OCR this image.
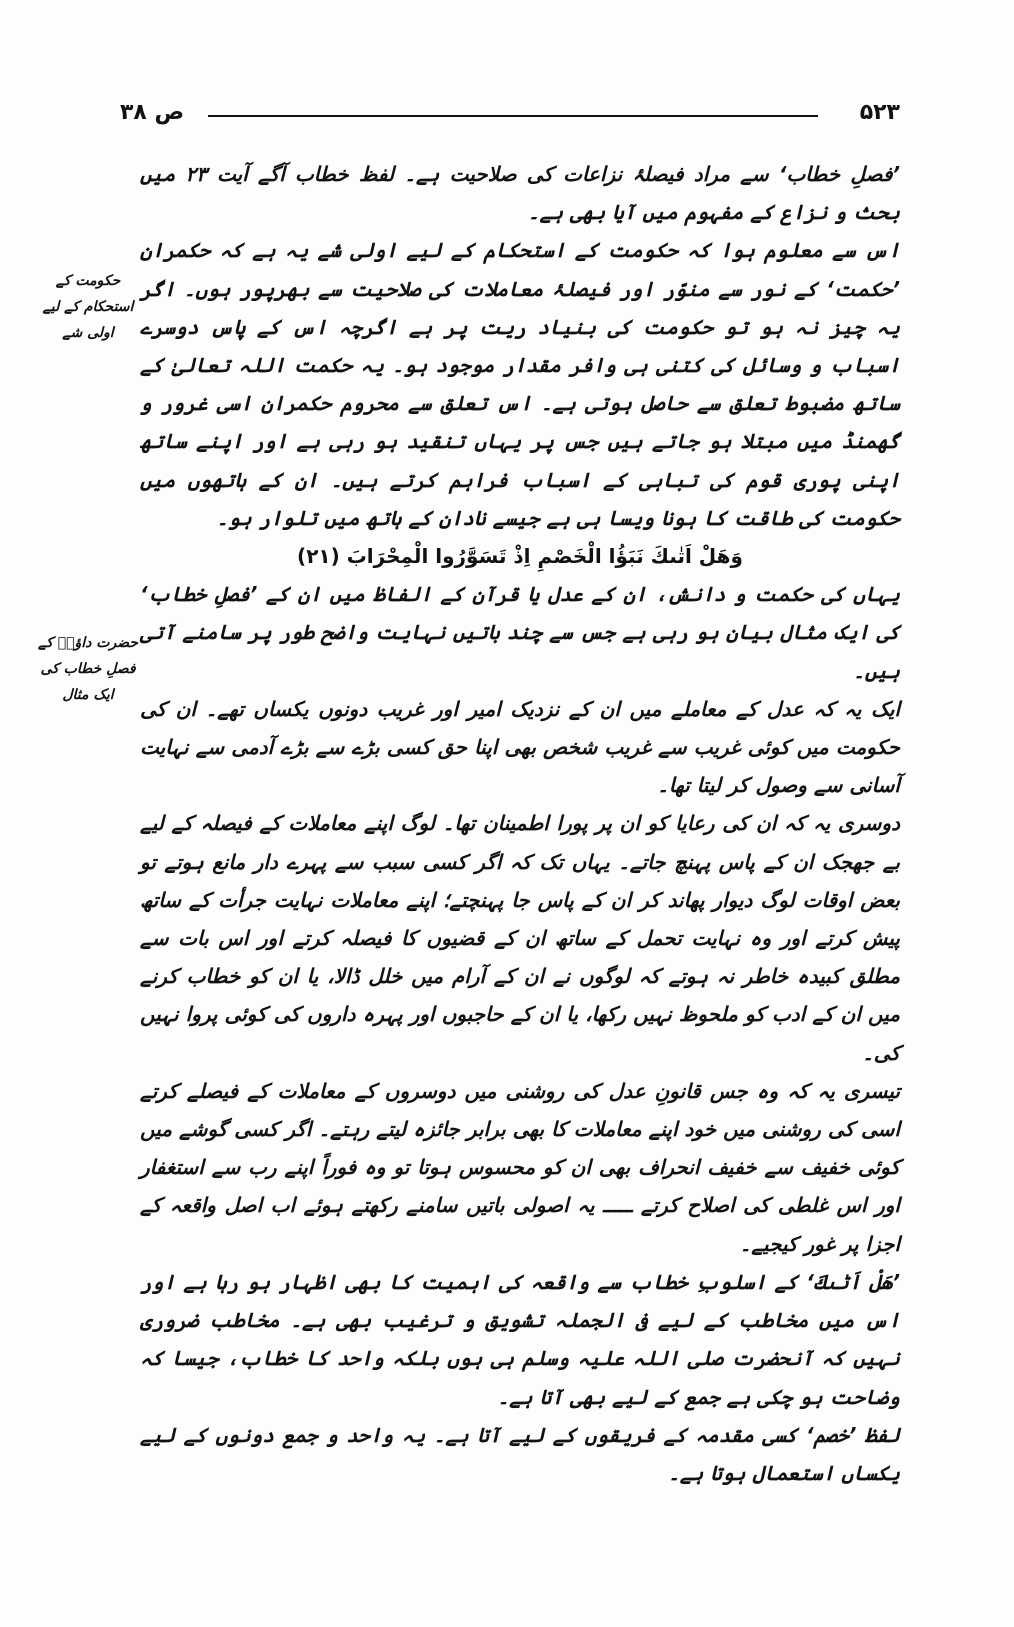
۵۲۳
ص ۳۸
حکومت کے استحکام کے لیے اولی شے
حضرت داؤدؑ کے فصلِ خطاب کی ایک مثال

’فصلِ خطاب‘ سے مراد فیصلۂ نزاعات کی صلاحیت ہے۔ لفظ خطاب آگے آیت ۲۳ میں بحث و نزاع کے مفہوم میں آیا بھی ہے۔

اس سے معلوم ہوا کہ حکومت کے استحکام کے لیے اولی شے یہ ہے کہ حکمران ’حکمت‘ کے نور سے منوّر اور فیصلۂ معاملات کی صلاحیت سے بھرپور ہوں۔ اگر یہ چیز نہ ہو تو حکومت کی بنیاد ریت پر ہے اگرچہ اس کے پاس دوسرے اسباب و وسائل کی کتنی ہی وافر مقدار موجود ہو۔ یہ حکمت اللہ تعالیٰ کے ساتھ مضبوط تعلق سے حاصل ہوتی ہے۔ اس تعلق سے محروم حکمران اسی غرور و گھمنڈ میں مبتلا ہو جاتے ہیں جس پر یہاں تنقید ہو رہی ہے اور اپنے ساتھ اپنی پوری قوم کی تباہی کے اسباب فراہم کرتے ہیں۔ ان کے ہاتھوں میں حکومت کی طاقت کا ہونا ویسا ہی ہے جیسے نادان کے ہاتھ میں تلوار ہو۔

وَهَلْ اَتٰىكَ نَبَؤُا الْخَصْمِ اِذْ تَسَوَّرُوا الْمِحْرَابَ (۲۱)

یہاں کی حکمت و دانش، ان کے عدل یا قرآن کے الفاظ میں ان کے ’فصلِ خطاب‘ کی ایک مثال بیان ہو رہی ہے جس سے چند باتیں نہایت واضح طور پر سامنے آتی ہیں۔

ایک یہ کہ عدل کے معاملے میں ان کے نزدیک امیر اور غریب دونوں یکساں تھے۔ ان کی حکومت میں کوئی غریب سے غریب شخص بھی اپنا حق کسی بڑے سے بڑے آدمی سے نہایت آسانی سے وصول کر لیتا تھا۔

دوسری یہ کہ ان کی رعایا کو ان پر پورا اطمینان تھا۔ لوگ اپنے معاملات کے فیصلہ کے لیے بے جھجک ان کے پاس پہنچ جاتے۔ یہاں تک کہ اگر کسی سبب سے پہرے دار مانع ہوتے تو بعض اوقات لوگ دیوار پھاند کر ان کے پاس جا پہنچتے؛ اپنے معاملات نہایت جرأت کے ساتھ پیش کرتے اور وہ نہایت تحمل کے ساتھ ان کے قضیوں کا فیصلہ کرتے اور اس بات سے مطلق کبیدہ خاطر نہ ہوتے کہ لوگوں نے ان کے آرام میں خلل ڈالا، یا ان کو خطاب کرنے میں ان کے ادب کو ملحوظ نہیں رکھا، یا ان کے حاجبوں اور پہرہ داروں کی کوئی پروا نہیں کی۔

تیسری یہ کہ وہ جس قانونِ عدل کی روشنی میں دوسروں کے معاملات کے فیصلے کرتے اسی کی روشنی میں خود اپنے معاملات کا بھی برابر جائزہ لیتے رہتے۔ اگر کسی گوشے میں کوئی خفیف سے خفیف انحراف بھی ان کو محسوس ہوتا تو وہ فوراً اپنے رب سے استغفار اور اس غلطی کی اصلاح کرتے ـــــ یہ اصولی باتیں سامنے رکھتے ہوئے اب اصل واقعہ کے اجزا پر غور کیجیے۔

’هَلْ اَتٰىكَ‘ کے اسلوبِ خطاب سے واقعہ کی اہمیت کا بھی اظہار ہو رہا ہے اور اس میں مخاطب کے لیے فی الجملہ تشویق و ترغیب بھی ہے۔ مخاطب ضروری نہیں کہ آنحضرت صلی اللہ علیہ وسلم ہی ہوں بلکہ واحد کا خطاب، جیسا کہ وضاحت ہو چکی ہے جمع کے لیے بھی آتا ہے۔

لفظ ’خصم‘ کسی مقدمہ کے فریقوں کے لیے آتا ہے۔ یہ واحد و جمع دونوں کے لیے یکساں استعمال ہوتا ہے۔
